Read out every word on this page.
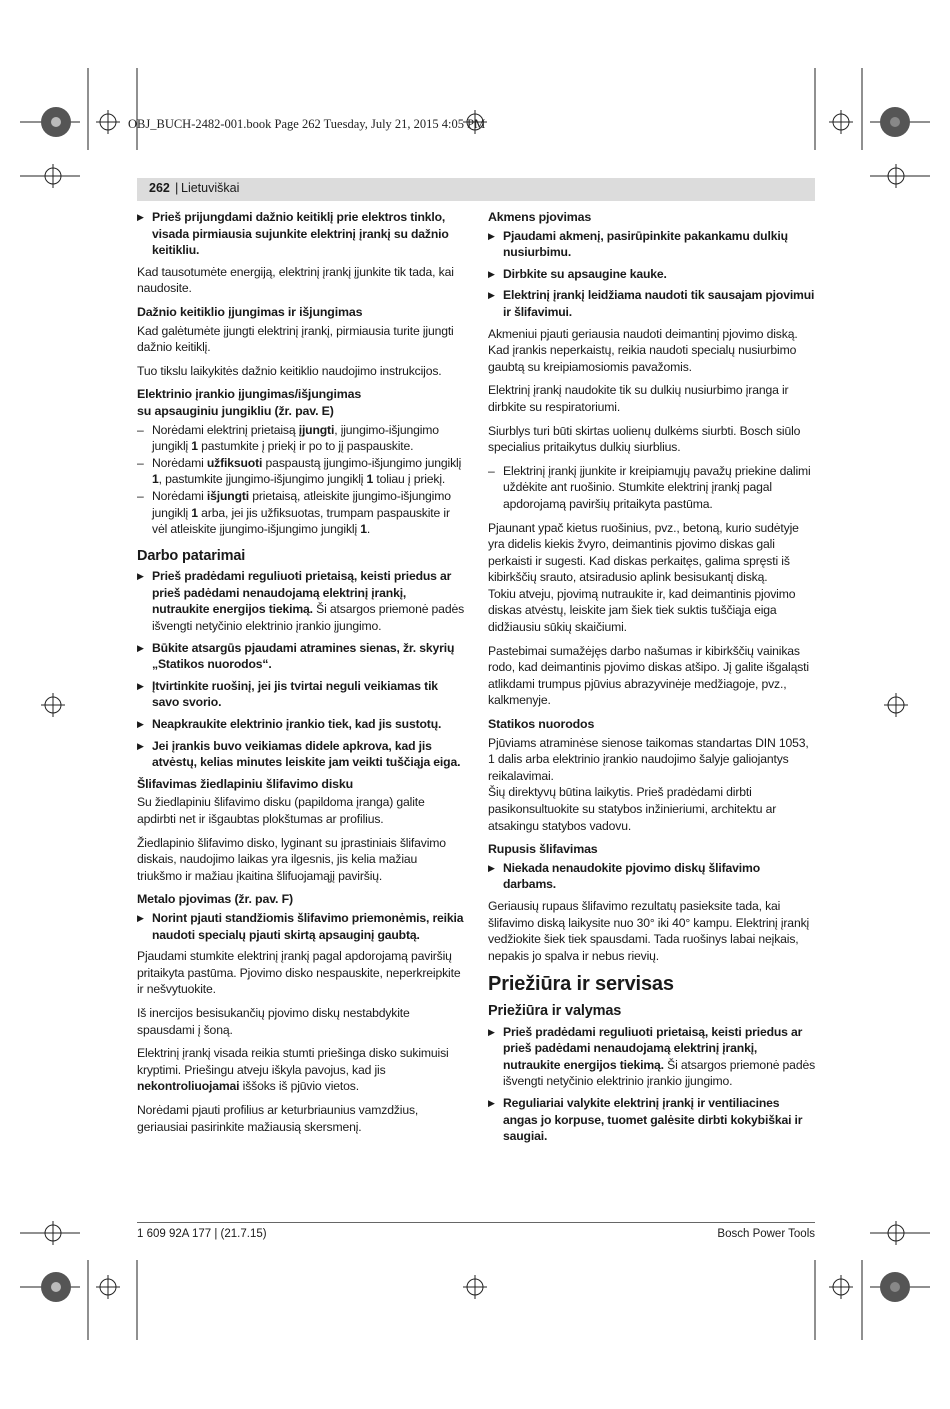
OBJ_BUCH-2482-001.book Page 262 Tuesday, July 21, 2015 4:05 PM
262 | Lietuviškai
▶ Prieš prijungdami dažnio keitiklį prie elektros tinklo, visada pirmiausia sujunkite elektrinį įrankį su dažnio keitikliu.

Kad tausotumėte energiją, elektrinį įrankį įjunkite tik tada, kai naudosite.

Dažnio keitiklio įjungimas ir išjungimas

Kad galėtumėte įjungti elektrinį įrankį, pirmiausia turite įjungti dažnio keitiklį.

Tuo tikslu laikykitės dažnio keitiklio naudojimo instrukcijos.

Elektrinio įrankio įjungimas/išjungimas
su apsauginiu jungikliu (žr. pav. E)
– Norėdami elektrinį prietaisą įjungti, įjungimo-išjungimo jungiklį 1 pastumkite į priekį ir po to jį paspauskite.
– Norėdami užfiksuoti paspaustą įjungimo-išjungimo jungiklį 1, pastumkite įjungimo-išjungimo jungiklį 1 toliau į priekį.
– Norėdami išjungti prietaisą, atleiskite įjungimo-išjungimo jungiklį 1 arba, jei jis užfiksuotas, trumpam paspauskite ir vėl atleiskite įjungimo-išjungimo jungiklį 1.
Darbo patarimai
▶ Prieš pradėdami reguliuoti prietaisą, keisti priedus ar prieš padėdami nenaudojamą elektrinį įrankį, nutraukite energijos tiekimą. Ši atsargos priemonė padės išvengti netyčinio elektrinio įrankio įjungimo.
▶ Būkite atsargūs pjaudami atramines sienas, žr. skyrių „Statikos nuorodos“.
▶ Įtvirtinkite ruošinį, jei jis tvirtai neguli veikiamas tik savo svorio.
▶ Neapkraukite elektrinio įrankio tiek, kad jis sustotų.
▶ Jei įrankis buvo veikiamas didele apkrova, kad jis atvėstų, kelias minutes leiskite jam veikti tuščiąja eiga.
Šlifavimas žiedlapiniu šlifavimo disku

Su žiedlapiniu šlifavimo disku (papildoma įranga) galite apdirbti net ir išgaubtas plokštumas ar profilius.

Žiedlapinio šlifavimo disko, lyginant su įprastiniais šlifavimo diskais, naudojimo laikas yra ilgesnis, jis kelia mažiau triukšmo ir mažiau įkaitina šlifuojamąjį paviršių.

Metalo pjovimas (žr. pav. F)
▶ Norint pjauti standžiomis šlifavimo priemonėmis, reikia naudoti specialų pjauti skirtą apsauginį gaubtą.

Pjaudami stumkite elektrinį įrankį pagal apdorojamą paviršių pritaikyta pastūma. Pjovimo disko nespauskite, neperkreipkite ir nešvytuokite.

Iš inercijos besisukančių pjovimo diskų nestabdykite spausdami į šoną.

Elektrinį įrankį visada reikia stumti priešinga disko sukimuisi kryptimi. Priešingu atveju iškyla pavojus, kad jis nekontroliuojamai iššoks iš pjūvio vietos.

Norėdami pjauti profilius ar keturbriaunius vamzdžius, geriausiai pasirinkite mažiausią skersmenį.

Akmens pjovimas
▶ Pjaudami akmenį, pasirūpinkite pakankamu dulkių nusiurbimu.
▶ Dirbkite su apsaugine kauke.
▶ Elektrinį įrankį leidžiama naudoti tik sausajam pjovimui ir šlifavimui.

Akmeniui pjauti geriausia naudoti deimantinį pjovimo diską. Kad įrankis neperkaistų, reikia naudoti specialų nusiurbimo gaubtą su kreipiamosiomis pavažomis.

Elektrinį įrankį naudokite tik su dulkių nusiurbimo įranga ir dirbkite su respiratoriumi.

Siurblys turi būti skirtas uolienų dulkėms siurbti. Bosch siūlo specialius pritaikytus dulkių siurblius.

– Elektrinį įrankį įjunkite ir kreipiamųjų pavažų priekine dalimi uždėkite ant ruošinio. Stumkite elektrinį įrankį pagal apdorojamą paviršių pritaikyta pastūma.

Pjaunant ypač kietus ruošinius, pvz., betoną, kurio sudėtyje yra didelis kiekis žvyro, deimantinis pjovimo diskas gali perkaisti ir sugesti. Kad diskas perkaitęs, galima spręsti iš kibirkščių srauto, atsiradusio aplink besisukantį diską.

Tokiu atveju, pjovimą nutraukite ir, kad deimantinis pjovimo diskas atvėstų, leiskite jam šiek tiek suktis tuščiąja eiga didžiausiu sūkių skaičiumi.

Pastebimai sumažėjęs darbo našumas ir kibirkščių vainikas rodo, kad deimantinis pjovimo diskas atšipo. Jį galite išgaląsti atlikdami trumpus pjūvius abrazyvinėje medžiagoje, pvz., kalkmenyje.

Statikos nuorodos

Pjūviams atraminėse sienose taikomas standartas DIN 1053, 1 dalis arba elektrinio įrankio naudojimo šalyje galiojantys reikalavimai.

Šių direktyvų būtina laikytis. Prieš pradėdami dirbti pasikonsultuokite su statybos inžinieriumi, architektu ar atsakingu statybos vadovu.

Rupusis šlifavimas
▶ Niekada nenaudokite pjovimo diskų šlifavimo darbams.

Geriausių rupaus šlifavimo rezultatų pasieksite tada, kai šlifavimo diską laikysite nuo 30° iki 40° kampu. Elektrinį įrankį vedžiokite šiek tiek spausdami. Tada ruošinys labai neįkais, nepakis jo spalva ir nebus rievių.

Priežiūra ir servisas
Priežiūra ir valymas
▶ Prieš pradėdami reguliuoti prietaisą, keisti priedus ar prieš padėdami nenaudojamą elektrinį įrankį, nutraukite energijos tiekimą. Ši atsargos priemonė padės išvengti netyčinio elektrinio įrankio įjungimo.
▶ Reguliariai valykite elektrinį įrankį ir ventiliacines angas jo korpuse, tuomet galėsite dirbti kokybiškai ir saugiai.
1 609 92A 177 | (21.7.15)	Bosch Power Tools
